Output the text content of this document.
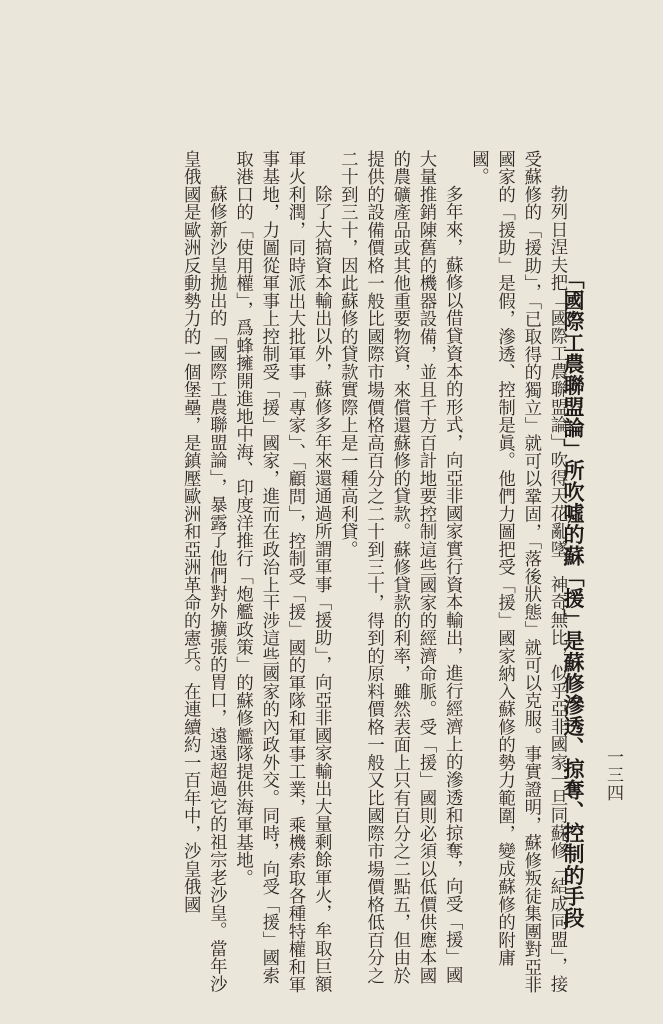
一三四
「國際工農聯盟論」所吹噓的蘇「援」是蘇修滲透、掠奪、控制的手段

勃列日涅夫把「國際工農聯盟論」吹得天花亂墜，神奇無比，似乎亞非國家一旦同蘇修「結成同盟」，接受蘇修的「援助」，「已取得的獨立」就可以鞏固，「落後狀態」就可以克服。事實證明，蘇修叛徒集團對亞非國家的「援助」是假，滲透、控制是眞。他們力圖把受「援」國家納入蘇修的勢力範圍，變成蘇修的附庸國。

多年來，蘇修以借貸資本的形式，向亞非國家實行資本輸出，進行經濟上的滲透和掠奪，向受「援」國大量推銷陳舊的機器設備，並且千方百計地要控制這些國家的經濟命脈。受「援」國則必須以低價供應本國的農礦產品或其他重要物資，來償還蘇修的貸款。蘇修貸款的利率，雖然表面上只有百分之二點五，但由於提供的設備價格一般比國際市場價格高百分之二十到三十，得到的原料價格一般又比國際市場價格低百分之二十到三十，因此蘇修的貸款實際上是一種高利貸。

除了大搞資本輸出以外，蘇修多年來還通過所謂軍事「援助」，向亞非國家輸出大量剩餘軍火，牟取巨額軍火利潤，同時派出大批軍事「專家」、「顧問」，控制受「援」國的軍隊和軍事工業，乘機索取各種特權和軍事基地，力圖從軍事上控制受「援」國家，進而在政治上干涉這些國家的內政外交。同時，向受「援」國索取港口的「使用權」，爲蜂擁開進地中海、印度洋推行「炮艦政策」的蘇修艦隊提供海軍基地。

蘇修新沙皇拋出的「國際工農聯盟論」，暴露了他們對外擴張的胃口，遠遠超過它的祖宗老沙皇。當年沙皇俄國是歐洲反動勢力的一個堡壘，是鎮壓歐洲和亞洲革命的憲兵。在連續約一百年中，沙皇俄國
